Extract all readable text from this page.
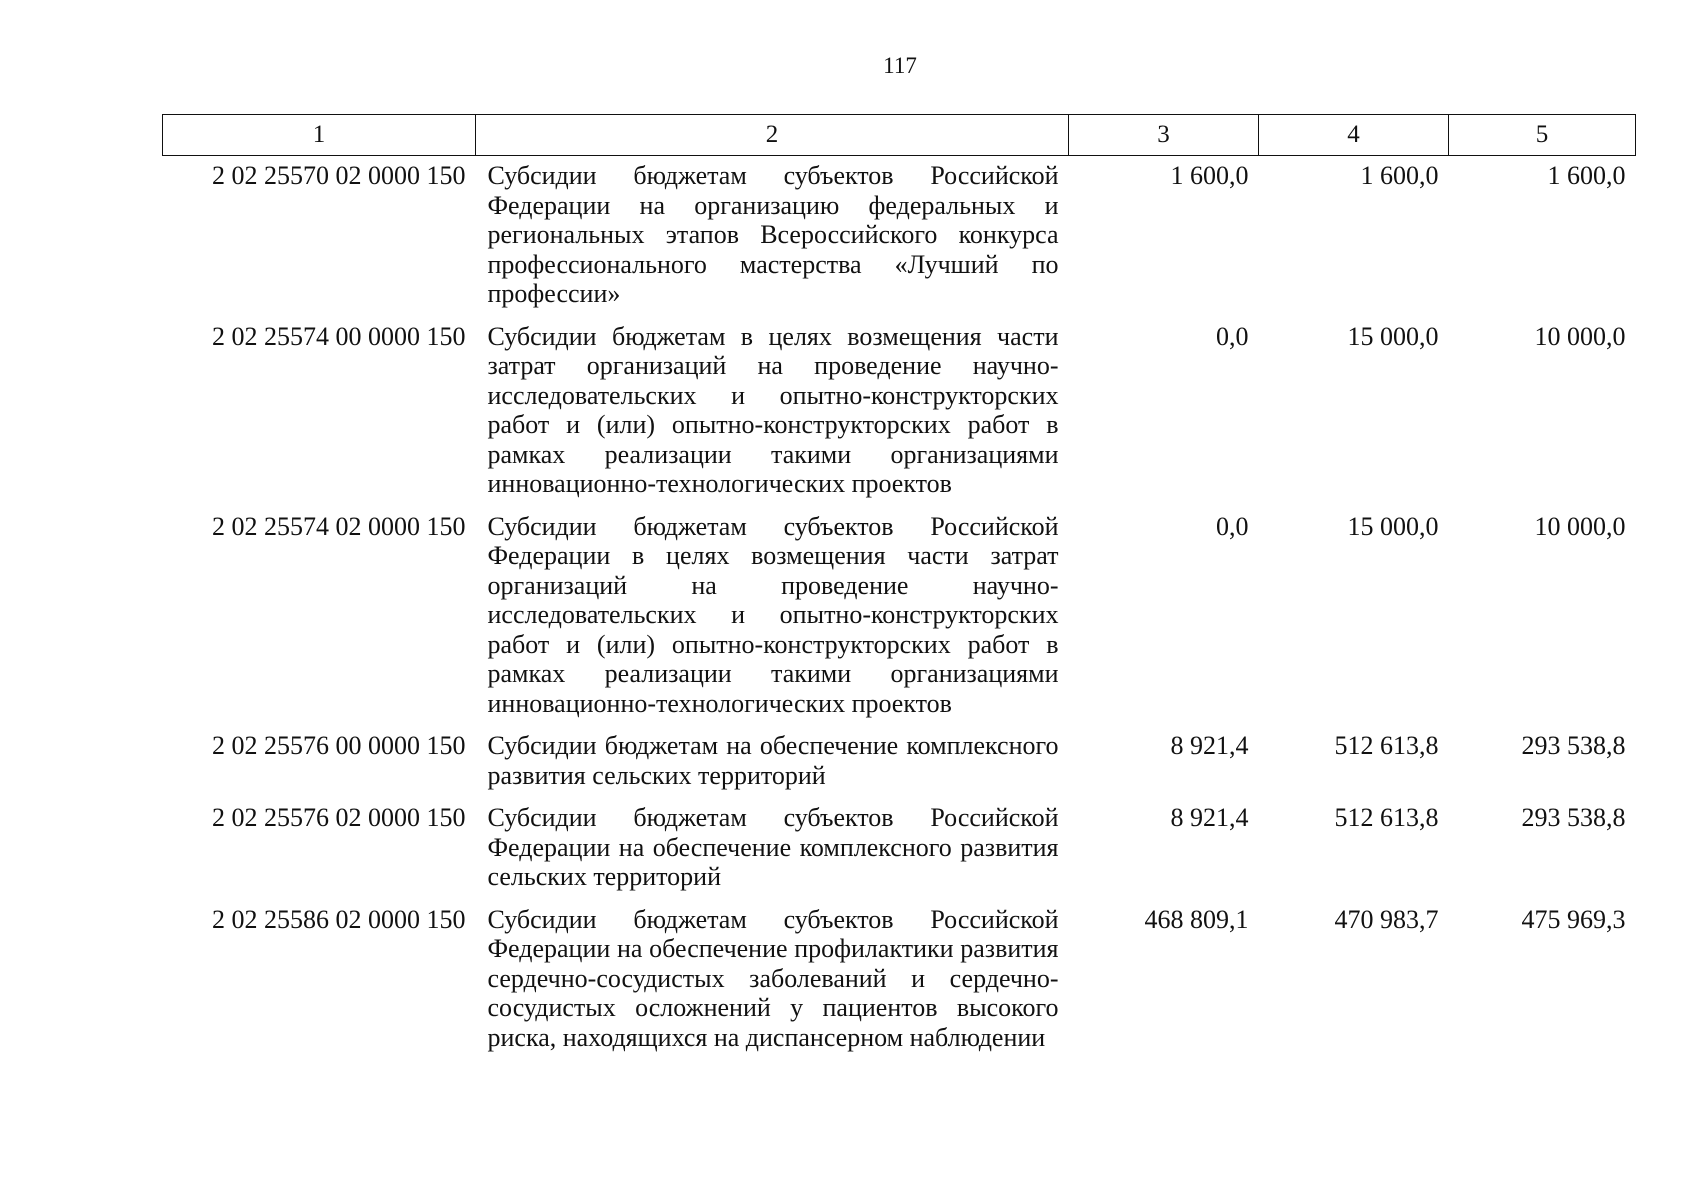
117
1	2	3	4	5
2 02 25570 02 0000 150	Субсидии бюджетам субъектов Российской Федерации на организацию федеральных и региональных этапов Всероссийского конкурса профессионального мастерства «Лучший по профессии»	1 600,0	1 600,0	1 600,0
2 02 25574 00 0000 150	Субсидии бюджетам в целях возмещения части затрат организаций на проведение научно-исследовательских и опытно-конструкторских работ и (или) опытно-конструкторских работ в рамках реализации такими организациями инновационно-технологических проектов	0,0	15 000,0	10 000,0
2 02 25574 02 0000 150	Субсидии бюджетам субъектов Российской Федерации в целях возмещения части затрат организаций на проведение научно-исследовательских и опытно-конструкторских работ и (или) опытно-конструкторских работ в рамках реализации такими организациями инновационно-технологических проектов	0,0	15 000,0	10 000,0
2 02 25576 00 0000 150	Субсидии бюджетам на обеспечение комплексного развития сельских территорий	8 921,4	512 613,8	293 538,8
2 02 25576 02 0000 150	Субсидии бюджетам субъектов Российской Федерации на обеспечение комплексного развития сельских территорий	8 921,4	512 613,8	293 538,8
2 02 25586 02 0000 150	Субсидии бюджетам субъектов Российской Федерации на обеспечение профилактики развития сердечно-сосудистых заболеваний и сердечно-сосудистых осложнений у пациентов высокого риска, находящихся на диспансерном наблюдении	468 809,1	470 983,7	475 969,3
